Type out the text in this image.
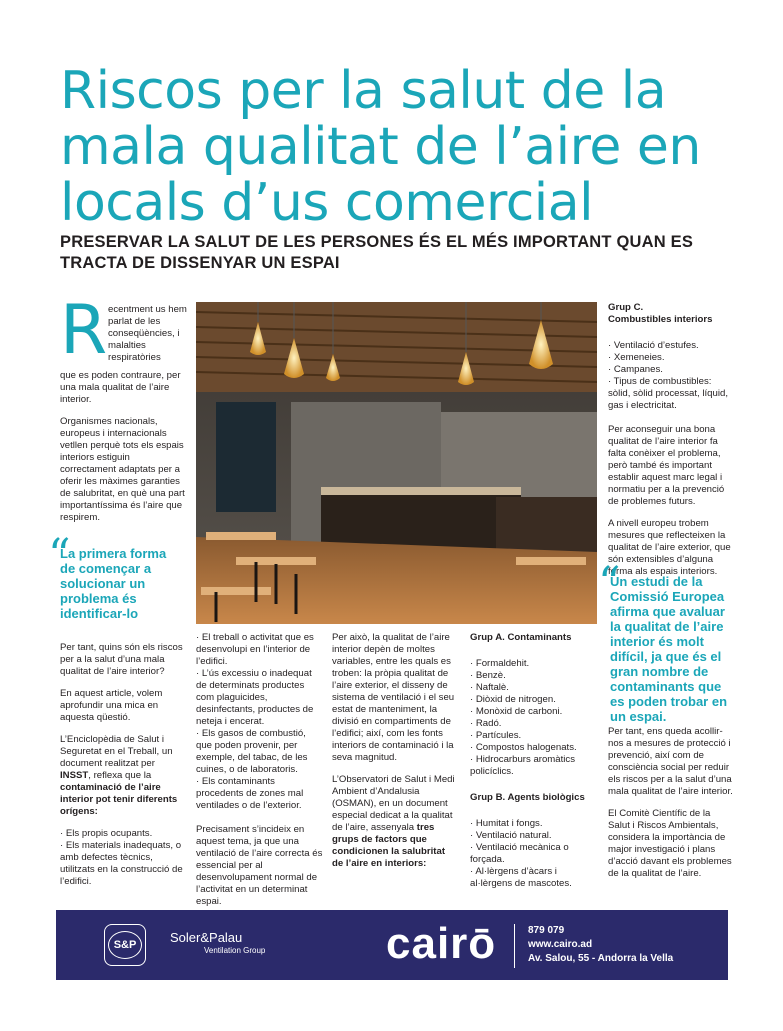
Riscos per la salut de la mala qualitat de l’aire en locals d’us comercial
PRESERVAR LA SALUT DE LES PERSONES ÉS EL MÉS IMPORTANT QUAN ES TRACTA DE DISSENYAR UN ESPAI
R ecentment us hem parlat de les conseqüències, i malalties respiratòries

que es poden contraure, per una mala qualitat de l’aire interior.

Organismes nacionals, europeus i internacionals vetllen perquè tots els espais interiors estiguin correctament adaptats per a oferir les màximes garanties de salubritat, en què una part importantíssima és l’aire que respirem.

“
La primera forma de començar a solucionar un problema és identificar-lo

Per tant, quins són els riscos per a la salut d’una mala qualitat de l’aire interior?

En aquest article, volem aprofundir una mica en aquesta qüestió.

L’Enciclopèdia de Salut i Seguretat en el Treball, un document realitzat per INSST, reflexa que la contaminació de l’aire interior pot tenir diferents orígens:

· Els propis ocupants.
· Els materials inadequats, o amb defectes tècnics, utilitzats en la construcció de l’edifici.
· El treball o activitat que es desenvolupi en l’interior de l’edifici.
· L’ús excessiu o inadequat de determinats productes com plaguicides, desinfectants, productes de neteja i encerat.
· Els gasos de combustió, que poden provenir, per exemple, del tabac, de les cuines, o de laboratoris.
· Els contaminants procedents de zones mal ventilades o de l’exterior.

Precisament s’incideix en aquest tema, ja que una ventilació de l’aire correcta és essencial per al desenvolupament normal de l’activitat en un determinat espai.

Per això, la qualitat de l’aire interior depèn de moltes variables, entre les quals es troben: la pròpia qualitat de l’aire exterior, el disseny de sistema de ventilació i el seu estat de manteniment, la divisió en compartiments de l’edifici; així, com les fonts interiors de contaminació i la seva magnitud.

L’Observatori de Salut i Medi Ambient d’Andalusia (OSMAN), en un document especial dedicat a la qualitat de l’aire, assenyala tres grups de factors que condicionen la salubritat de l’aire en interiors:

Grup A. Contaminants

· Formaldehit.
· Benzè.
· Naftalè.
· Diòxid de nitrogen.
· Monòxid de carboni.
· Radó.
· Partícules.
· Compostos halogenats.
· Hidrocarburs aromàtics policíclics.

Grup B. Agents biològics

· Humitat i fongs.
· Ventilació natural.
· Ventilació mecànica o forçada.
· Al·lèrgens d’àcars i al·lèrgens de mascotes.
Grup C.
Combustibles interiors
· Ventilació d’estufes.
· Xemeneies.
· Campanes.
· Tipus de combustibles: sòlid, sòlid processat, líquid, gas i electricitat.

Per aconseguir una bona qualitat de l’aire interior fa falta conèixer el problema, però també és important establir aquest marc legal i normatiu per a la prevenció de problemes futurs.

A nivell europeu trobem mesures que reflecteixen la qualitat de l’aire exterior, que són extensibles d’alguna forma als espais interiors.

“
Un estudi de la Comissió Europea afirma que avaluar la qualitat de l’aire interior és molt difícil, ja que és el gran nombre de contaminants que es poden trobar en un espai.

Per tant, ens queda acollir-nos a mesures de protecció i prevenció, així com de consciència social per reduir els riscos per a la salut d’una mala qualitat de l’aire interior.

El Comitè Científic de la Salut i Riscos Ambientals, considera la importància de major investigació i plans d’acció davant els problemes de la qualitat de l’aire.

S&P	Soler&Palau
Ventilation Group	cairō	879 079
www.cairo.ad
Av. Salou, 55 - Andorra la Vella
